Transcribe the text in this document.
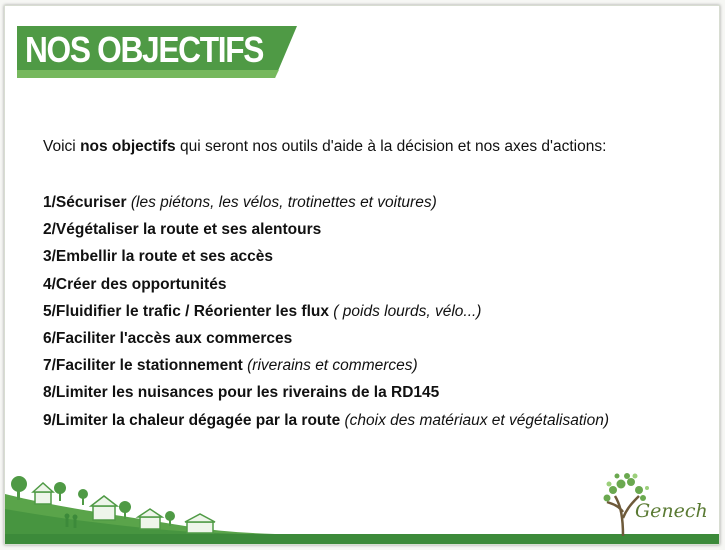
NOS OBJECTIFS
Voici nos objectifs qui seront nos outils d'aide à la décision et nos axes d'actions:
1/Sécuriser (les piétons, les vélos, trotinettes et voitures)
2/Végétaliser la route et ses alentours
3/Embellir la route et ses accès
4/Créer des opportunités
5/Fluidifier le trafic / Réorienter les flux ( poids lourds, vélo...)
6/Faciliter l'accès aux commerces
7/Faciliter le stationnement (riverains et commerces)
8/Limiter les nuisances pour les riverains de la RD145
9/Limiter la chaleur dégagée par la route (choix des matériaux et végétalisation)
Genech
